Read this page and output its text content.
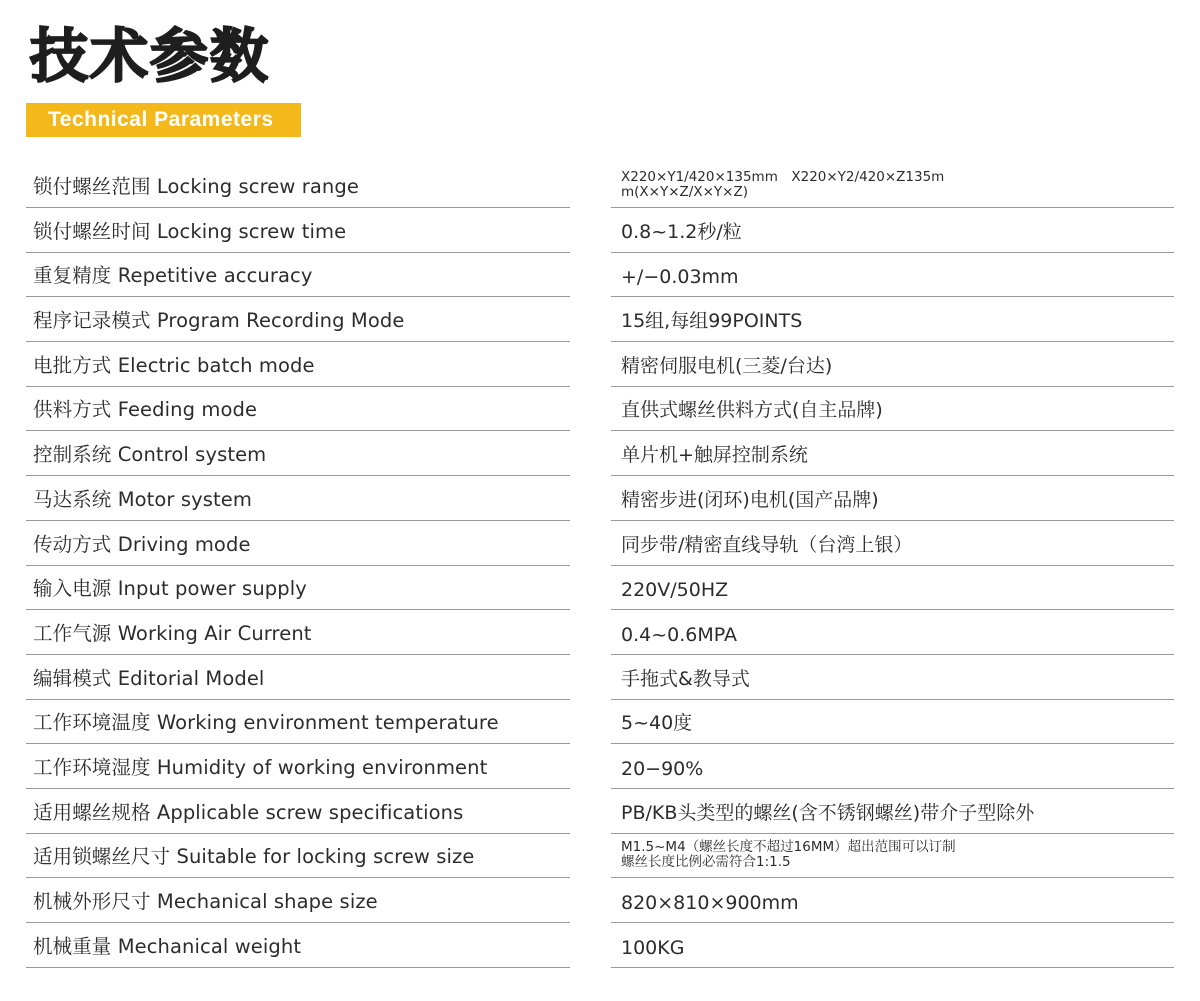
技术参数
Technical Parameters
锁付螺丝范围 Locking screw range	X220×Y1/420×135mm　X220×Y2/420×Z135m
m(X×Y×Z/X×Y×Z)
锁付螺丝时间 Locking screw time	0.8~1.2秒/粒
重复精度 Repetitive accuracy	+/−0.03mm
程序记录模式 Program Recording Mode	15组,每组99POINTS
电批方式 Electric batch mode	精密伺服电机(三菱/台达)
供料方式 Feeding mode	直供式螺丝供料方式(自主品牌)
控制系统 Control system	单片机+触屏控制系统
马达系统 Motor system	精密步进(闭环)电机(国产品牌)
传动方式 Driving mode	同步带/精密直线导轨（台湾上银）
输入电源 Input power supply	220V/50HZ
工作气源 Working Air Current	0.4~0.6MPA
编辑模式 Editorial Model	手拖式&教导式
工作环境温度 Working environment temperature	5~40度
工作环境湿度 Humidity of working environment	20−90%
适用螺丝规格 Applicable screw specifications	PB/KB头类型的螺丝(含不锈钢螺丝)带介子型除外
适用锁螺丝尺寸 Suitable for locking screw size	M1.5~M4（螺丝长度不超过16MM）超出范围可以订制
螺丝长度比例必需符合1:1.5
机械外形尺寸 Mechanical shape size	820×810×900mm
机械重量 Mechanical weight	100KG
